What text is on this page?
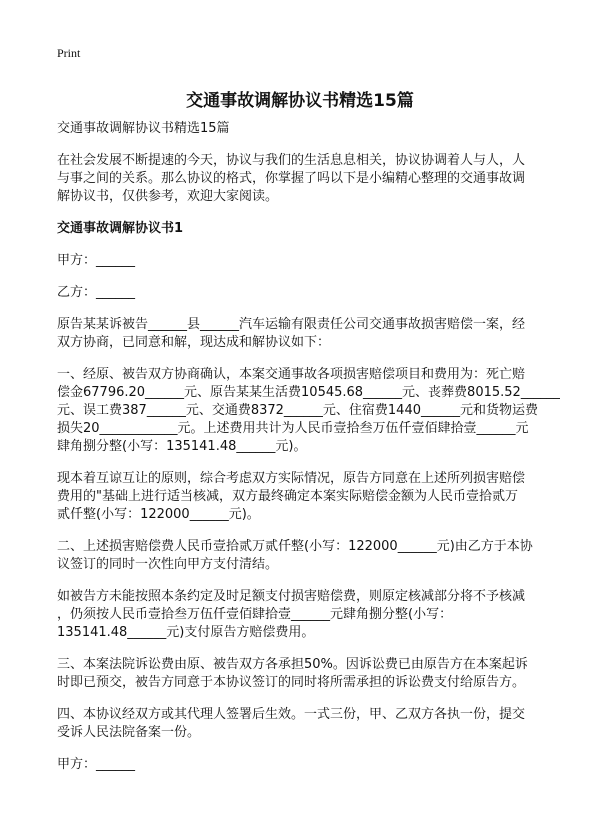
Print
交通事故调解协议书精选15篇
交通事故调解协议书精选15篇
在社会发展不断提速的今天，协议与我们的生活息息相关，协议协调着人与人，人
与事之间的关系。那么协议的格式，你掌握了吗以下是小编精心整理的交通事故调
解协议书，仅供参考，欢迎大家阅读。
交通事故调解协议书1
甲方：______
乙方：______
原告某某诉被告______县______汽车运输有限责任公司交通事故损害赔偿一案，经
双方协商，已同意和解，现达成和解协议如下：
一、经原、被告双方协商确认，本案交通事故各项损害赔偿项目和费用为：死亡赔
偿金67796.20______元、原告某某生活费10545.68______元、丧葬费8015.52______
元、误工费387______元、交通费8372______元、住宿费1440______元和货物运费
损失20____________元。上述费用共计为人民币壹拾叁万伍仟壹佰肆拾壹______元
肆角捌分整(小写：135141.48______元)。
现本着互谅互让的原则，综合考虑双方实际情况，原告方同意在上述所列损害赔偿
费用的"基础上进行适当核减，双方最终确定本案实际赔偿金额为人民币壹拾贰万
贰仟整(小写：122000______元)。
二、上述损害赔偿费人民币壹拾贰万贰仟整(小写：122000______元)由乙方于本协
议签订的同时一次性向甲方支付清结。
如被告方未能按照本条约定及时足额支付损害赔偿费，则原定核减部分将不予核减
，仍须按人民币壹拾叁万伍仟壹佰肆拾壹______元肆角捌分整(小写：
135141.48______元)支付原告方赔偿费用。
三、本案法院诉讼费由原、被告双方各承担50%。因诉讼费已由原告方在本案起诉
时即已预交，被告方同意于本协议签订的同时将所需承担的诉讼费支付给原告方。
四、本协议经双方或其代理人签署后生效。一式三份，甲、乙双方各执一份，提交
受诉人民法院备案一份。
甲方：______
